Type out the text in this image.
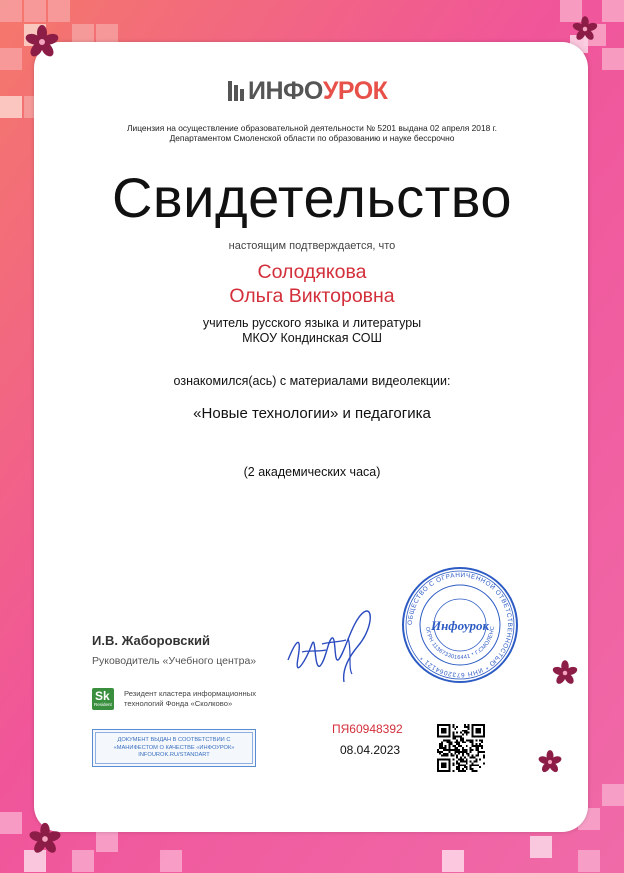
ИНФО УРОК
Лицензия на осуществление образовательной деятельности № 5201 выдана 02 апреля 2018 г.
Департаментом Смоленской области по образованию и науке бессрочно
Свидетельство
настоящим подтверждается, что
Солодякова
Ольга Викторовна
учитель русского языка и литературы
МКОУ Кондинская СОШ
ознакомился(ась) с материалами видеолекции:
«Новые технологии» и педагогика
(2 академических часа)
ОБЩЕСТВО С ОГРАНИЧЕННОЙ ОТВЕТСТВЕННОСТЬЮ * ИНН 6732064121 *
ОГРН 1136733016441 * Г.СМОЛЕНС
Инфоурок
И.В. Жаборовский
Руководитель «Учебного центра»
Sk
Resident
Резидент кластера информационных
технологий Фонда «Сколково»
ДОКУМЕНТ ВЫДАН В СООТВЕТСТВИИ С
«МАНИФЕСТОМ О КАЧЕСТВЕ «ИНФОУРОК»
INFOUROK.RU/STANDART
ПЯ60948392
08.04.2023
